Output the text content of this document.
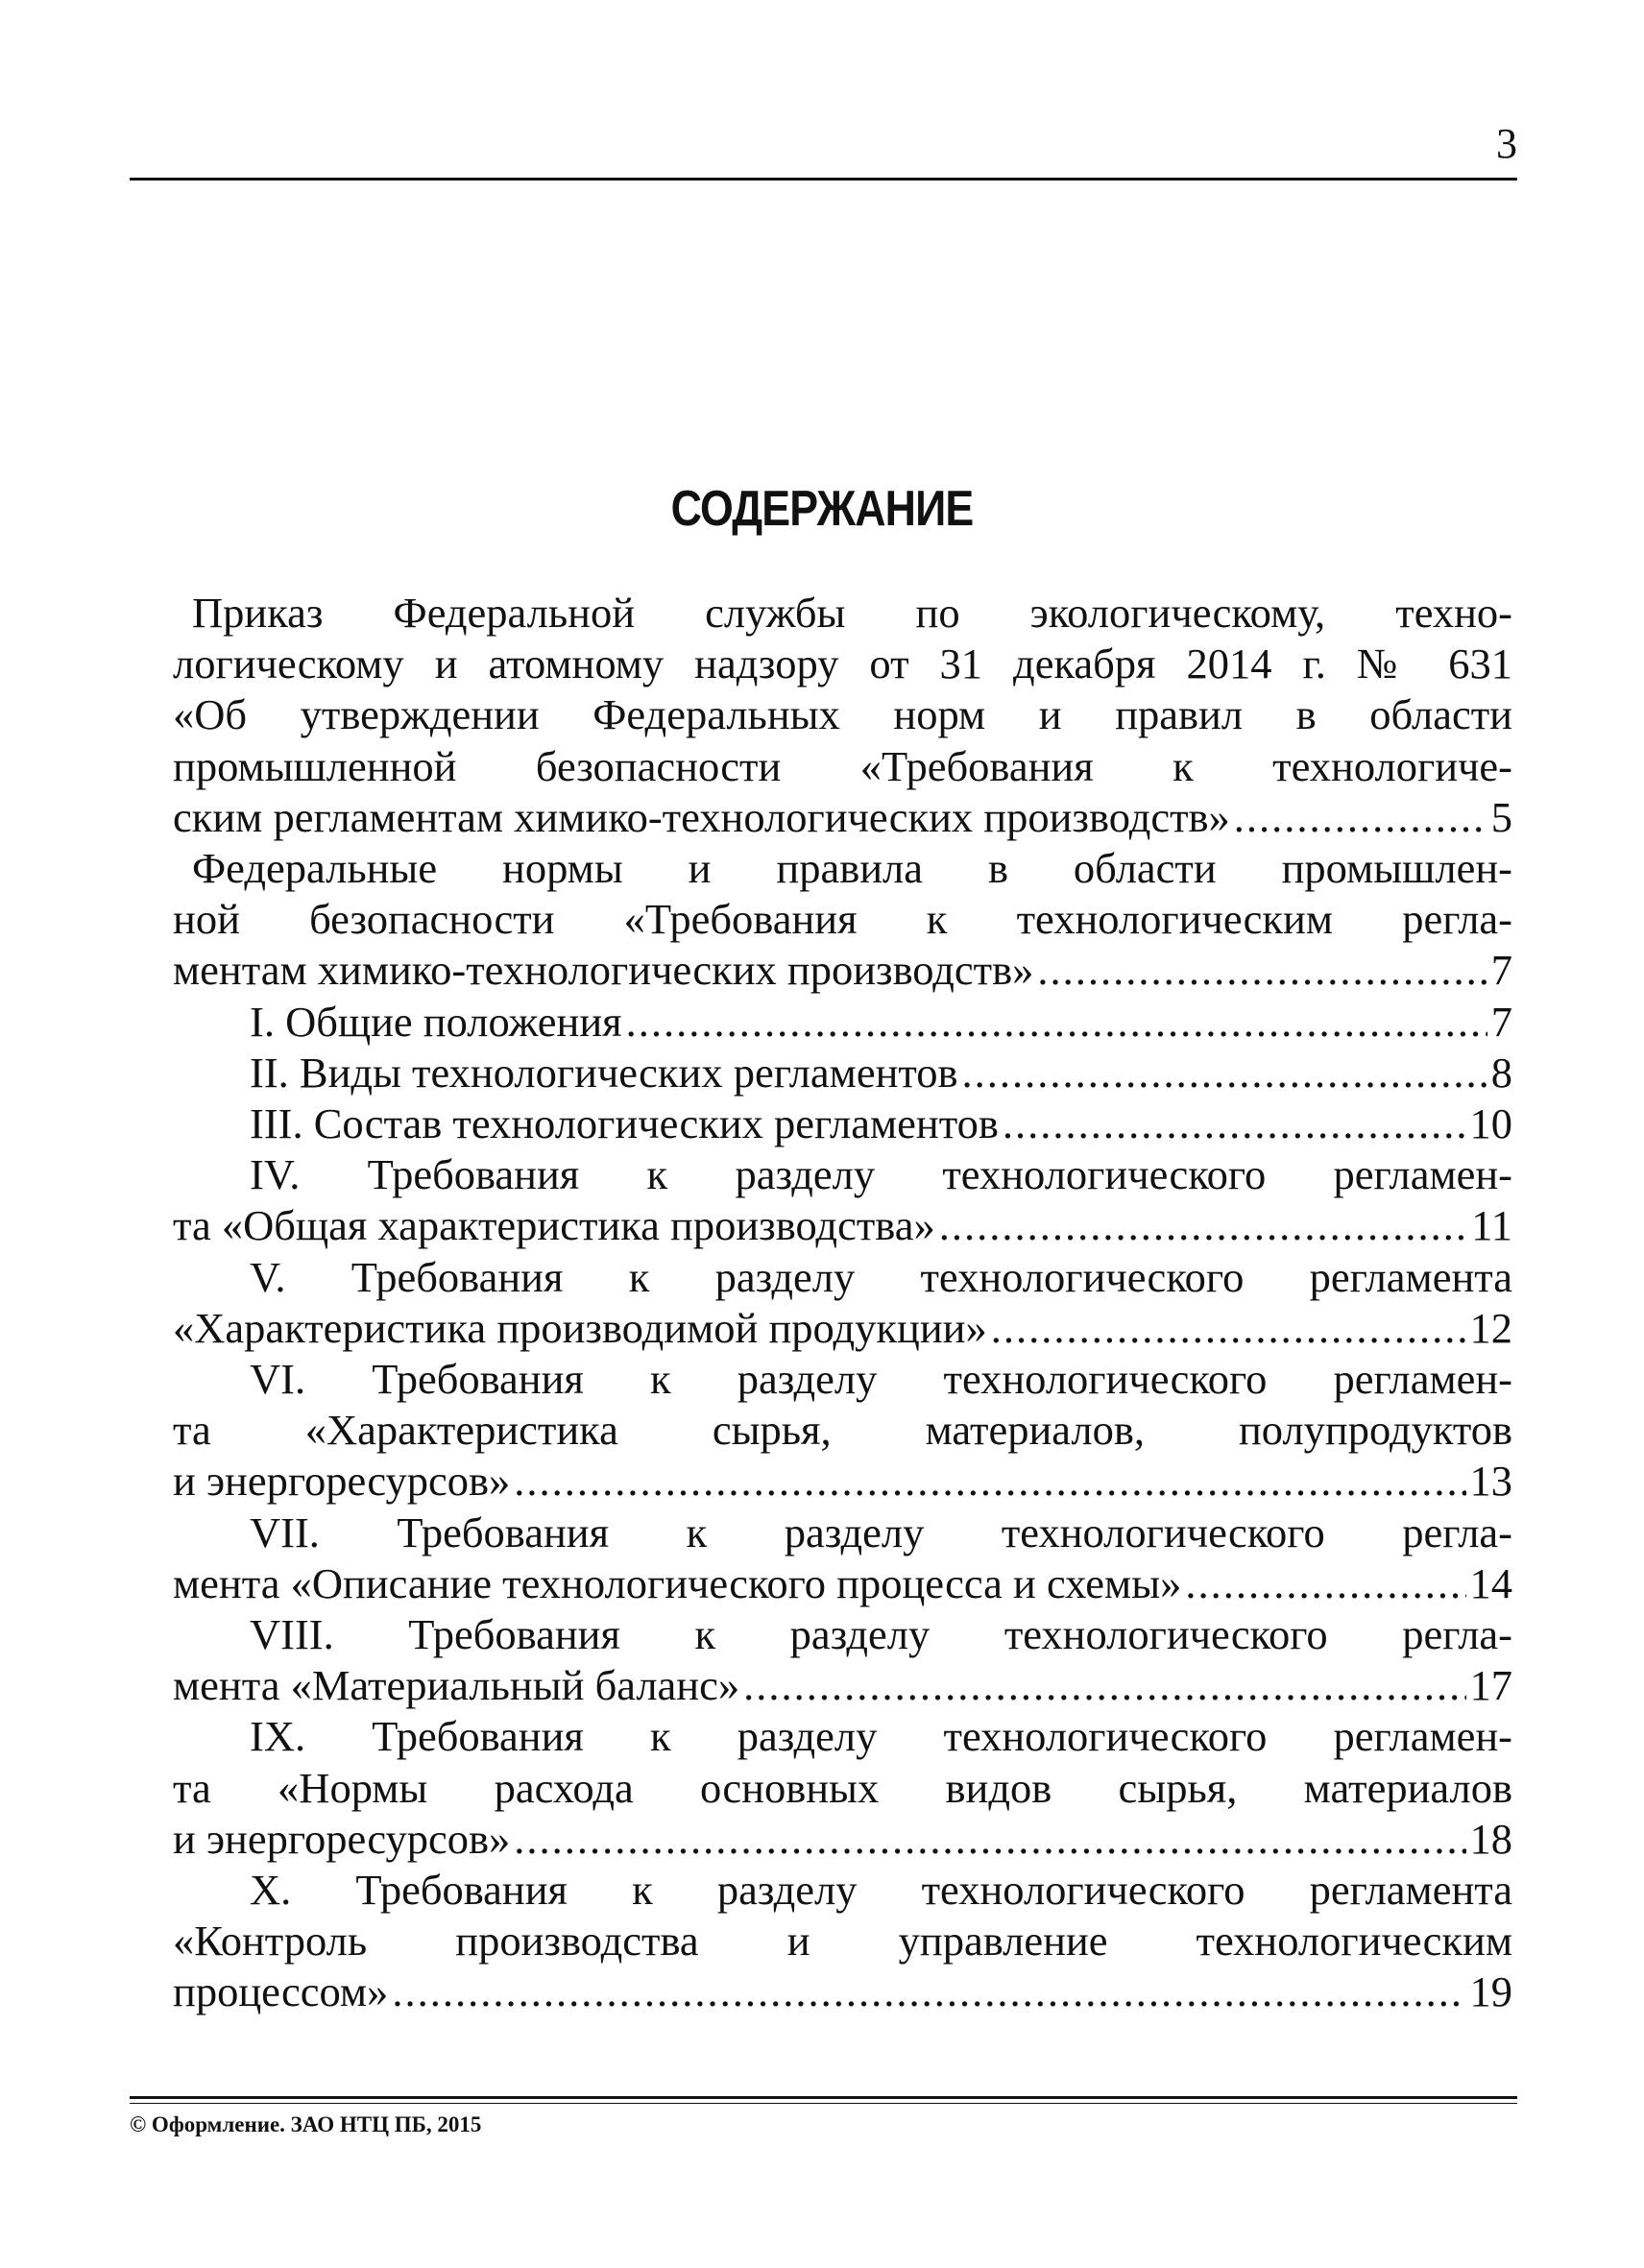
3
СОДЕРЖАНИЕ
Приказ Федеральной службы по экологическому, техно-
логическому и атомному надзору от 31 декабря 2014 г. № 631
«Об утверждении Федеральных норм и правил в области
промышленной безопасности «Требования к технологиче-
ским регламентам химико-технологических производств» .....	5
Федеральные нормы и правила в области промышлен-
ной безопасности «Требования к технологическим регла-
ментам химико-технологических производств» .....	7
I. Общие положения .....	7
II. Виды технологических регламентов .....	8
III. Состав технологических регламентов .....	10
IV. Требования к разделу технологического регламен-
та «Общая характеристика производства» .....	11
V. Требования к разделу технологического регламента
«Характеристика производимой продукции» .....	12
VI. Требования к разделу технологического регламен-
та «Характеристика сырья, материалов, полупродуктов
и энергоресурсов» .....	13
VII. Требования к разделу технологического регла-
мента «Описание технологического процесса и схемы» .....	14
VIII. Требования к разделу технологического регла-
мента «Материальный баланс» .....	17
IX. Требования к разделу технологического регламен-
та «Нормы расхода основных видов сырья, материалов
и энергоресурсов» .....	18
X. Требования к разделу технологического регламента
«Контроль производства и управление технологическим
процессом» .....	19
© Оформление. ЗАО НТЦ ПБ, 2015
